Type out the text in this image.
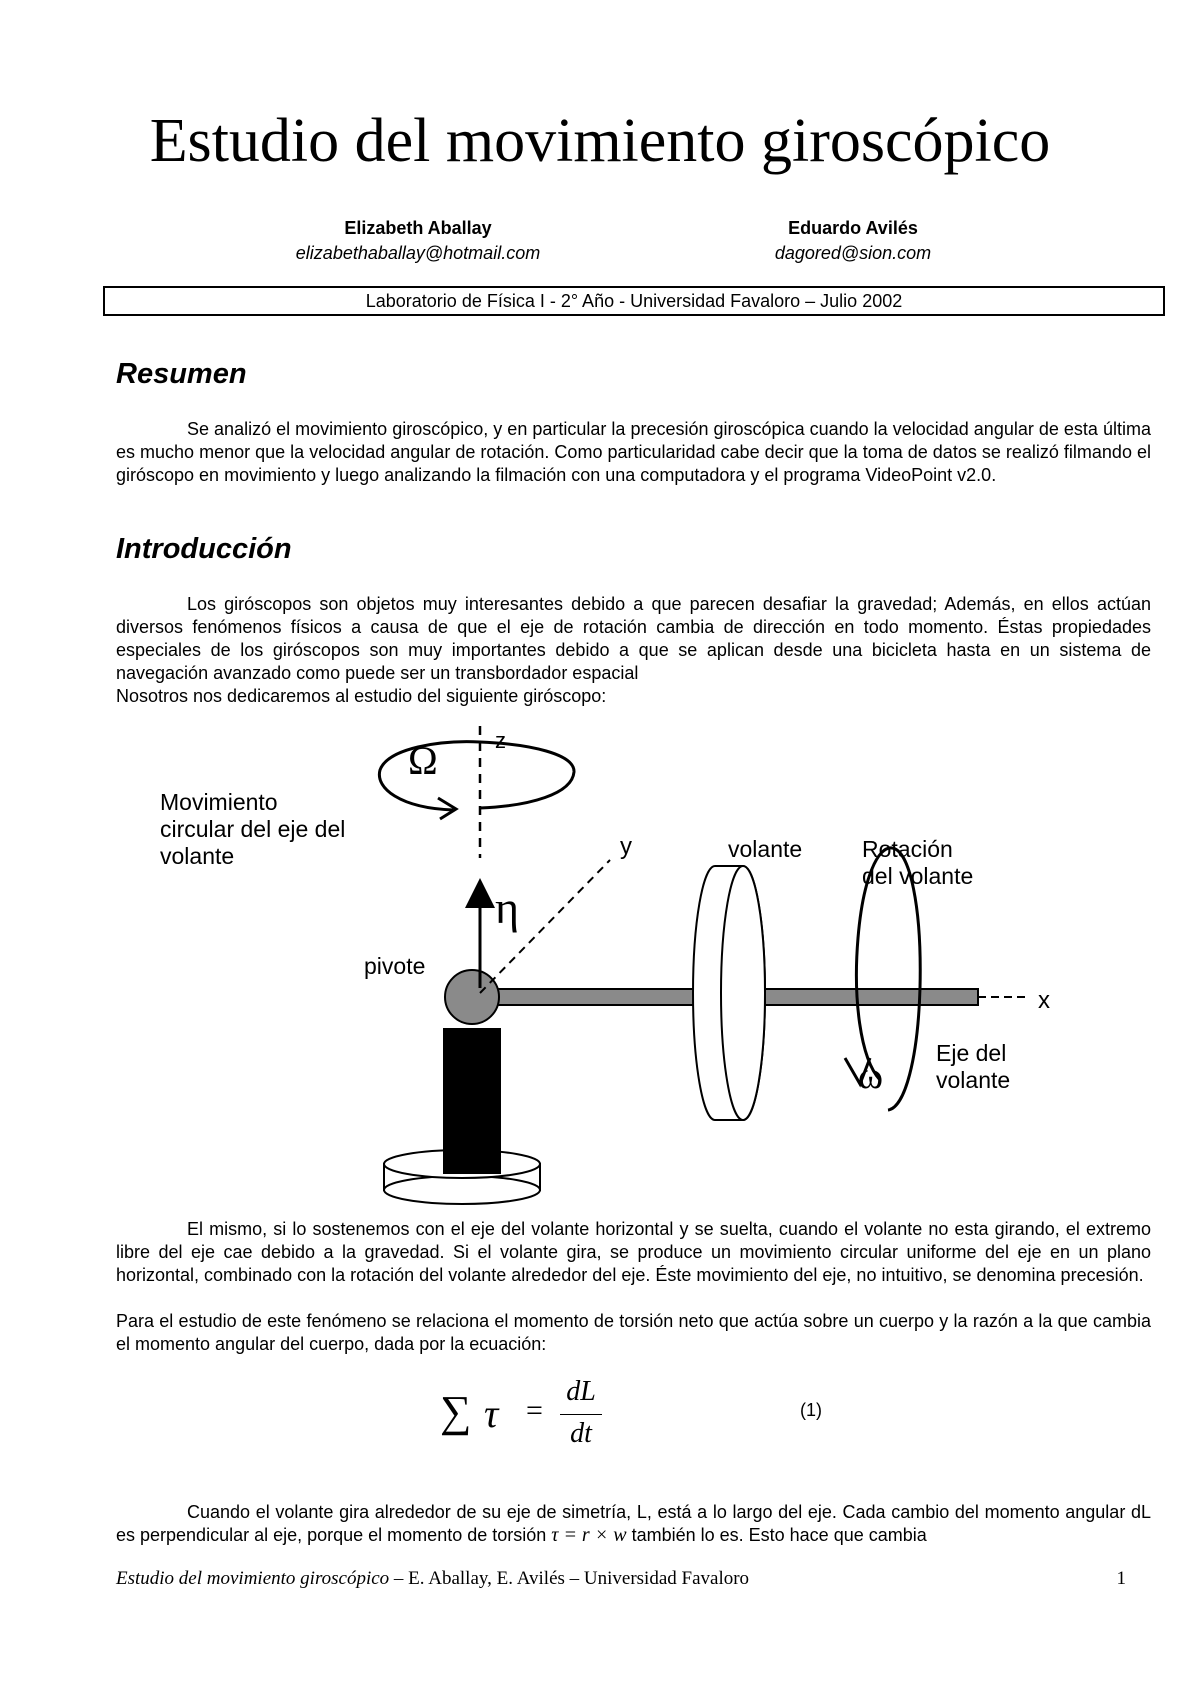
Estudio del movimiento giroscópico
Elizabeth Aballay
elizabethaballay@hotmail.com
Eduardo Avilés
dagored@sion.com
Laboratorio de Física I - 2° Año - Universidad Favaloro – Julio 2002
Resumen

Se analizó el movimiento giroscópico, y en particular la precesión giroscópica cuando la velocidad angular de esta última es mucho menor que la velocidad angular de rotación. Como particularidad cabe decir que la toma de datos se realizó filmando el giróscopo en movimiento y luego analizando la filmación con una computadora y el programa VideoPoint v2.0.

Introducción

Los giróscopos son objetos muy interesantes debido a que parecen desafiar la gravedad; Además, en ellos actúan diversos fenómenos físicos a causa de que el eje de rotación cambia de dirección en todo momento. Éstas propiedades especiales de los giróscopos son muy importantes debido a que se aplican desde una bicicleta hasta en un sistema de navegación avanzado como puede ser un transbordador espacial

Nosotros nos dedicaremos al estudio del siguiente giróscopo:

Ω	z
y
x
η
ω
Movimiento
circular del eje del
volante
pivote
volante	Rotación
del volante
Eje del
volante

El mismo, si lo sostenemos con el eje del volante horizontal y se suelta, cuando el volante no esta girando, el extremo libre del eje cae debido a la gravedad. Si el volante gira, se produce un movimiento circular uniforme del eje en un plano horizontal, combinado con la rotación del volante alrededor del eje. Éste movimiento del eje, no intuitivo, se denomina precesión.

Para el estudio de este fenómeno se relaciona el momento de torsión neto que actúa sobre un cuerpo y la razón a la que cambia el momento angular del cuerpo, dada por la ecuación:

∑ τ =
dL
dt
(1)

Cuando el volante gira alrededor de su eje de simetría, L, está a lo largo del eje. Cada cambio del momento angular dL es perpendicular al eje, porque el momento de torsión τ = r × w también lo es. Esto hace que cambia

Estudio del movimiento giroscópico – E. Aballay, E. Avilés – Universidad Favaloro	1
